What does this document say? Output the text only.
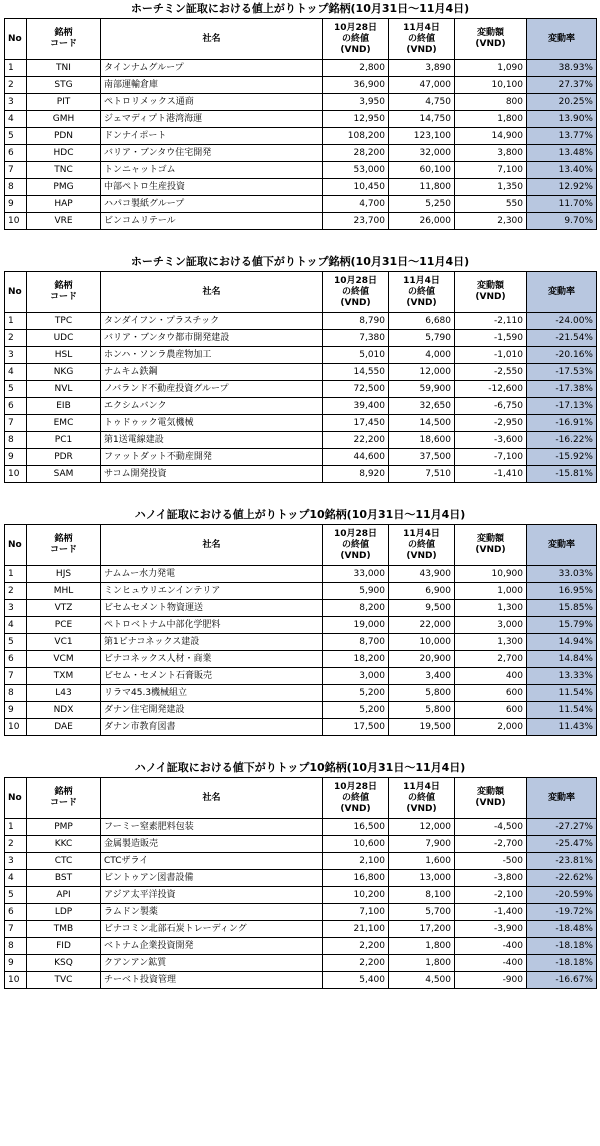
ホーチミン証取における値上がりトップ銘柄(10月31日～11月4日)
No	銘柄
コード	社名	10月28日
の終値
(VND)	11月4日
の終値
(VND)	変動額
(VND)	変動率
1	TNI	タインナムグループ	2,800	3,890	1,090	38.93%
2	STG	南部運輸倉庫	36,900	47,000	10,100	27.37%
3	PIT	ペトロリメックス通商	3,950	4,750	800	20.25%
4	GMH	ジェマディプト港湾海運	12,950	14,750	1,800	13.90%
5	PDN	ドンナイポート	108,200	123,100	14,900	13.77%
6	HDC	バリア・ブンタウ住宅開発	28,200	32,000	3,800	13.48%
7	TNC	トンニャットゴム	53,000	60,100	7,100	13.40%
8	PMG	中部ペトロ生産投資	10,450	11,800	1,350	12.92%
9	HAP	ハパコ製紙グループ	4,700	5,250	550	11.70%
10	VRE	ビンコムリテール	23,700	26,000	2,300	9.70%
ホーチミン証取における値下がりトップ銘柄(10月31日～11月4日)
No	銘柄
コード	社名	10月28日
の終値
(VND)	11月4日
の終値
(VND)	変動額
(VND)	変動率
1	TPC	タンダイフン・プラスチック	8,790	6,680	-2,110	-24.00%
2	UDC	バリア・ブンタウ都市開発建設	7,380	5,790	-1,590	-21.54%
3	HSL	ホンハ・ソンラ農産物加工	5,010	4,000	-1,010	-20.16%
4	NKG	ナムキム鉄鋼	14,550	12,000	-2,550	-17.53%
5	NVL	ノバランド不動産投資グループ	72,500	59,900	-12,600	-17.38%
6	EIB	エクシムバンク	39,400	32,650	-6,750	-17.13%
7	EMC	トゥドゥック電気機械	17,450	14,500	-2,950	-16.91%
8	PC1	第1送電線建設	22,200	18,600	-3,600	-16.22%
9	PDR	ファットダット不動産開発	44,600	37,500	-7,100	-15.92%
10	SAM	サコム開発投資	8,920	7,510	-1,410	-15.81%
ハノイ証取における値上がりトップ10銘柄(10月31日～11月4日)
No	銘柄
コード	社名	10月28日
の終値
(VND)	11月4日
の終値
(VND)	変動額
(VND)	変動率
1	HJS	ナムムー水力発電	33,000	43,900	10,900	33.03%
2	MHL	ミンヒュウリエンインテリア	5,900	6,900	1,000	16.95%
3	VTZ	ビセムセメント物資運送	8,200	9,500	1,300	15.85%
4	PCE	ペトロベトナム中部化学肥料	19,000	22,000	3,000	15.79%
5	VC1	第1ビナコネックス建設	8,700	10,000	1,300	14.94%
6	VCM	ビナコネックス人材・商業	18,200	20,900	2,700	14.84%
7	TXM	ビセム・セメント石膏販売	3,000	3,400	400	13.33%
8	L43	リラマ45.3機械組立	5,200	5,800	600	11.54%
9	NDX	ダナン住宅開発建設	5,200	5,800	600	11.54%
10	DAE	ダナン市教育図書	17,500	19,500	2,000	11.43%
ハノイ証取における値下がりトップ10銘柄(10月31日～11月4日)
No	銘柄
コード	社名	10月28日
の終値
(VND)	11月4日
の終値
(VND)	変動額
(VND)	変動率
1	PMP	フーミー窒素肥料包装	16,500	12,000	-4,500	-27.27%
2	KKC	金属製造販売	10,600	7,900	-2,700	-25.47%
3	CTC	CTCザライ	2,100	1,600	-500	-23.81%
4	BST	ビントゥアン図書設備	16,800	13,000	-3,800	-22.62%
5	API	アジア太平洋投資	10,200	8,100	-2,100	-20.59%
6	LDP	ラムドン製薬	7,100	5,700	-1,400	-19.72%
7	TMB	ビナコミン北部石炭トレーディング	21,100	17,200	-3,900	-18.48%
8	FID	ベトナム企業投資開発	2,200	1,800	-400	-18.18%
9	KSQ	クアンアン鉱質	2,200	1,800	-400	-18.18%
10	TVC	チーベト投資管理	5,400	4,500	-900	-16.67%
